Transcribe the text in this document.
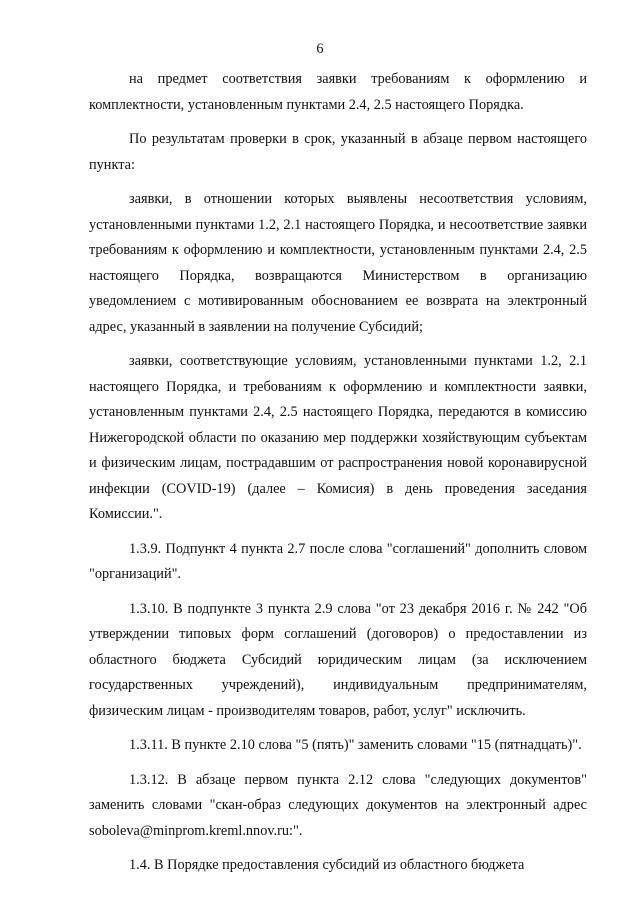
6

на предмет соответствия заявки требованиям к оформлению и комплектности, установленным пунктами 2.4, 2.5 настоящего Порядка.

По результатам проверки в срок, указанный в абзаце первом настоящего пункта:

заявки, в отношении которых выявлены несоответствия условиям, установленными пунктами 1.2, 2.1 настоящего Порядка, и несоответствие заявки требованиям к оформлению и комплектности, установленным пунктами 2.4, 2.5 настоящего Порядка, возвращаются Министерством в организацию уведомлением с мотивированным обоснованием ее возврата на электронный адрес, указанный в заявлении на получение Субсидий;

заявки, соответствующие условиям, установленными пунктами 1.2, 2.1 настоящего Порядка, и требованиям к оформлению и комплектности заявки, установленным пунктами 2.4, 2.5 настоящего Порядка, передаются в комиссию Нижегородской области по оказанию мер поддержки хозяйствующим субъектам и физическим лицам, пострадавшим от распространения новой коронавирусной инфекции (COVID-19) (далее – Комисия) в день проведения заседания Комиссии.".

1.3.9. Подпункт 4 пункта 2.7 после слова "соглашений" дополнить словом "организаций".

1.3.10. В подпункте 3 пункта 2.9 слова "от 23 декабря 2016 г. № 242 "Об утверждении типовых форм соглашений (договоров) о предоставлении из областного бюджета Субсидий юридическим лицам (за исключением государственных учреждений), индивидуальным предпринимателям, физическим лицам - производителям товаров, работ, услуг" исключить.

1.3.11. В пункте 2.10 слова "5 (пять)" заменить словами "15 (пятнадцать)".

1.3.12. В абзаце первом пункта 2.12 слова "следующих документов" заменить словами "скан-образ следующих документов на электронный адрес soboleva@minprom.kreml.nnov.ru:".

1.4. В Порядке предоставления субсидий из областного бюджета
